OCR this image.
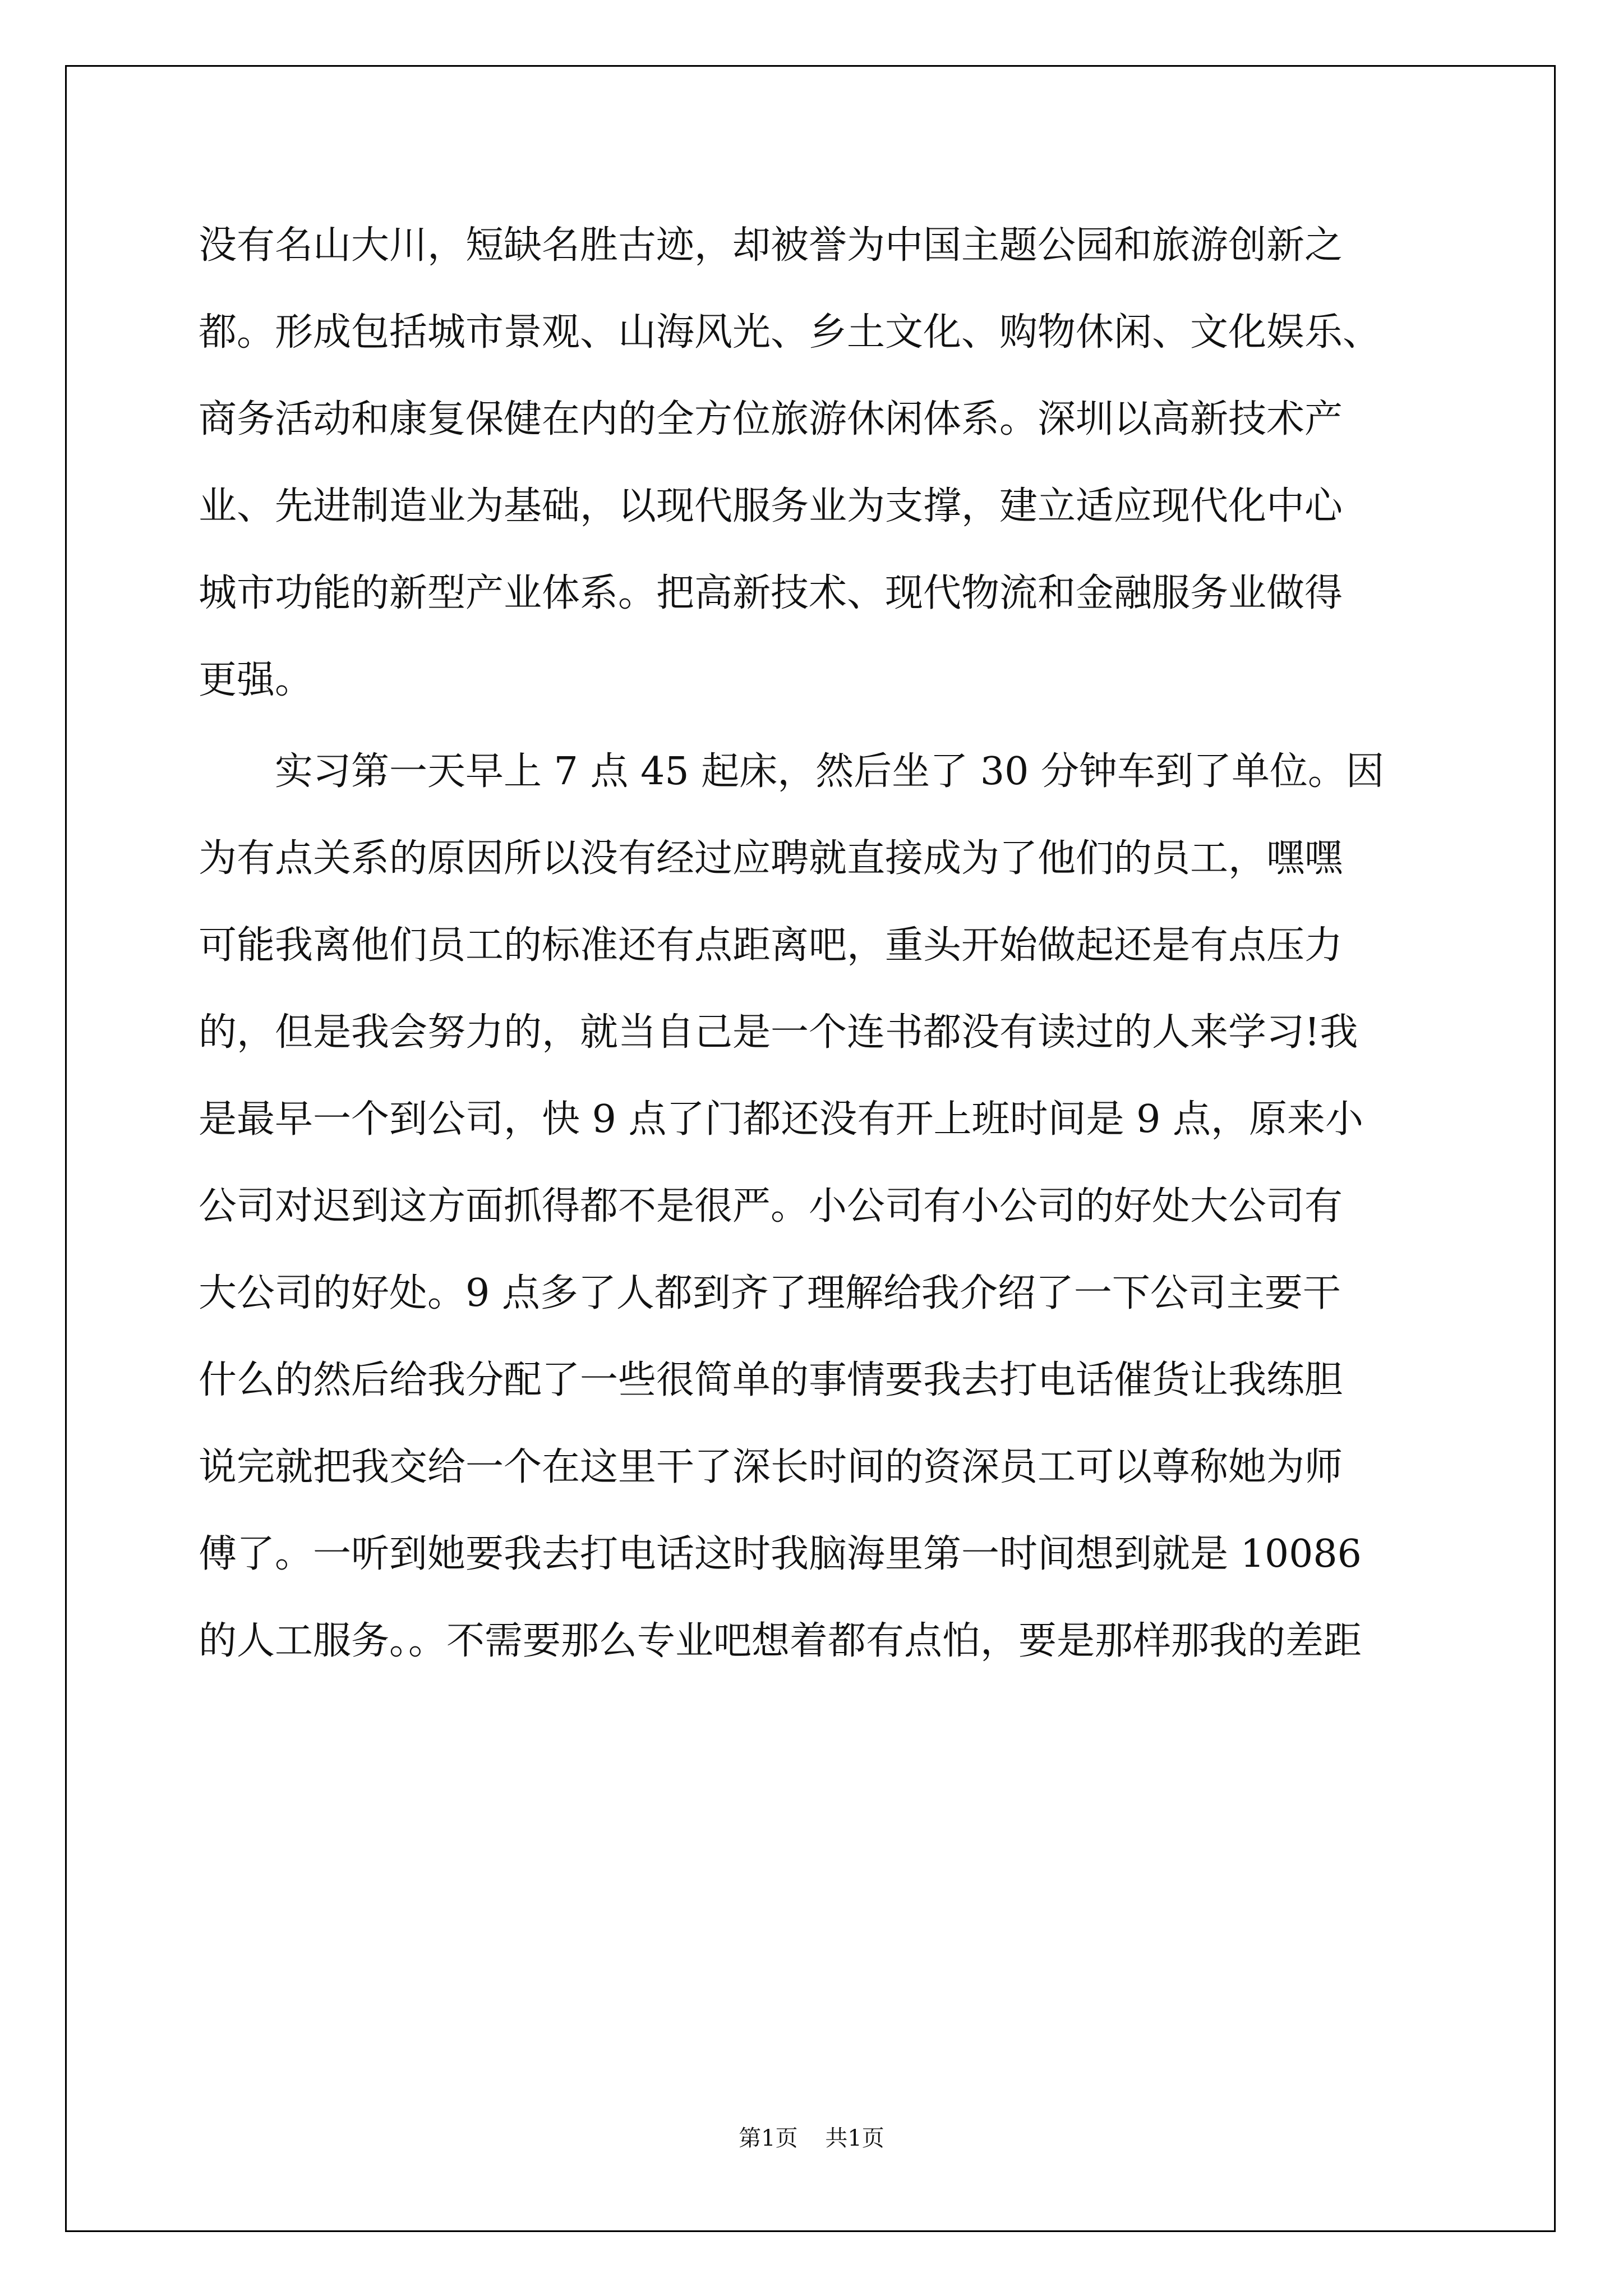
没有名山大川，短缺名胜古迹，却被誉为中国主题公园和旅游创新之
都。形成包括城市景观、山海风光、乡土文化、购物休闲、文化娱乐、
商务活动和康复保健在内的全方位旅游休闲体系。深圳以高新技术产
业、先进制造业为基础，以现代服务业为支撑，建立适应现代化中心
城市功能的新型产业体系。把高新技术、现代物流和金融服务业做得
更强。
实习第一天早上 7 点 45 起床，然后坐了 30 分钟车到了单位。因
为有点关系的原因所以没有经过应聘就直接成为了他们的员工，嘿嘿
可能我离他们员工的标准还有点距离吧，重头开始做起还是有点压力
的，但是我会努力的，就当自己是一个连书都没有读过的人来学习!我
是最早一个到公司，快 9 点了门都还没有开上班时间是 9 点，原来小
公司对迟到这方面抓得都不是很严。小公司有小公司的好处大公司有
大公司的好处。9 点多了人都到齐了理解给我介绍了一下公司主要干
什么的然后给我分配了一些很简单的事情要我去打电话催货让我练胆
说完就把我交给一个在这里干了深长时间的资深员工可以尊称她为师
傅了。一听到她要我去打电话这时我脑海里第一时间想到就是 10086
的人工服务。。不需要那么专业吧想着都有点怕，要是那样那我的差距
第1页 共1页
